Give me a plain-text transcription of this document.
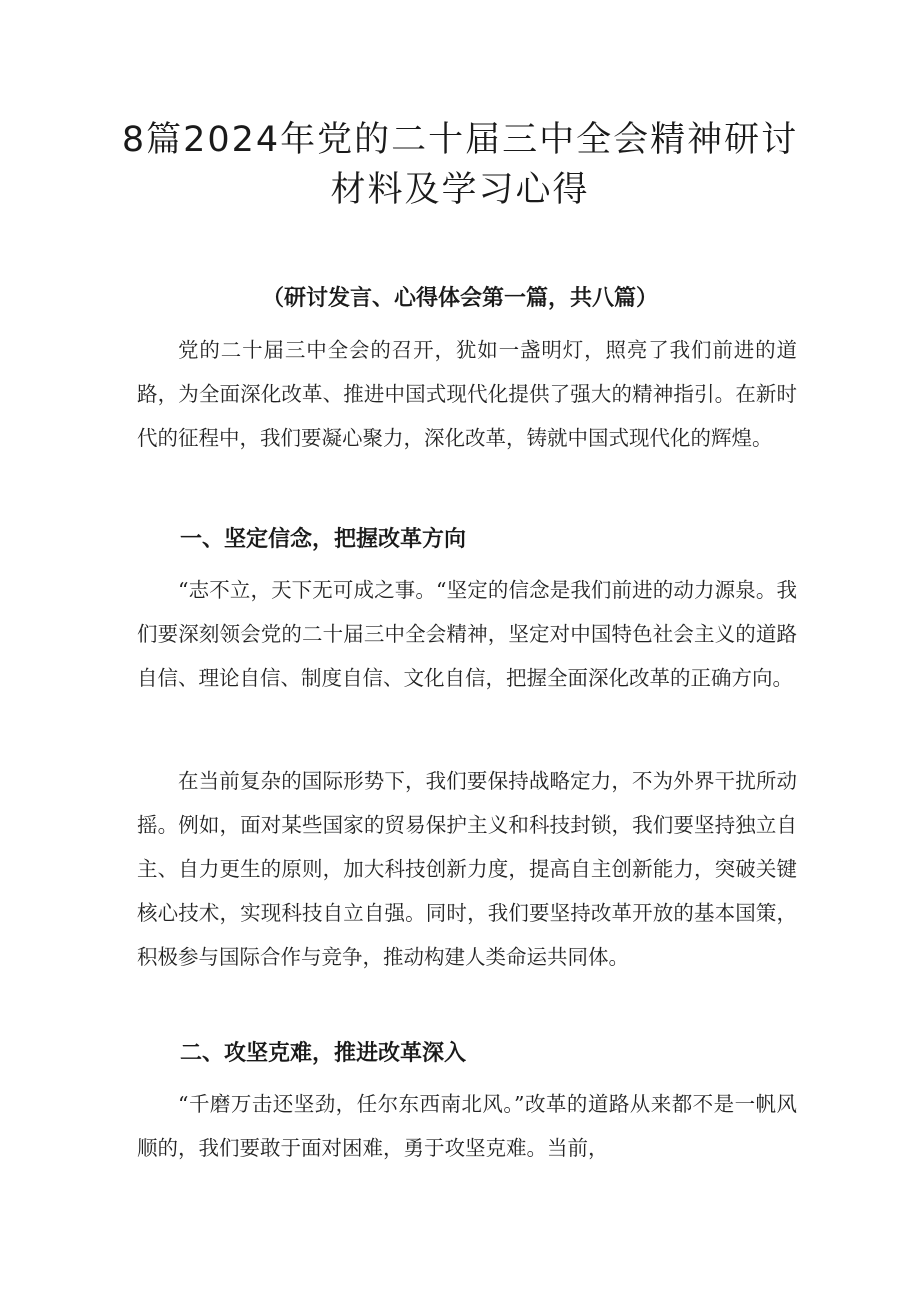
8篇2024年党的二十届三中全会精神研讨
材料及学习心得

（研讨发言、心得体会第一篇，共八篇）

党的二十届三中全会的召开，犹如一盏明灯，照亮了我们前进的道路，为全面深化改革、推进中国式现代化提供了强大的精神指引。在新时代的征程中，我们要凝心聚力，深化改革，铸就中国式现代化的辉煌。

一、坚定信念，把握改革方向

“志不立，天下无可成之事。“坚定的信念是我们前进的动力源泉。我们要深刻领会党的二十届三中全会精神，坚定对中国特色社会主义的道路自信、理论自信、制度自信、文化自信，把握全面深化改革的正确方向。

在当前复杂的国际形势下，我们要保持战略定力，不为外界干扰所动摇。例如，面对某些国家的贸易保护主义和科技封锁，我们要坚持独立自主、自力更生的原则，加大科技创新力度，提高自主创新能力，突破关键核心技术，实现科技自立自强。同时，我们要坚持改革开放的基本国策，积极参与国际合作与竞争，推动构建人类命运共同体。

二、攻坚克难，推进改革深入

“千磨万击还坚劲，任尔东西南北风。”改革的道路从来都不是一帆风顺的，我们要敢于面对困难，勇于攻坚克难。当前，
